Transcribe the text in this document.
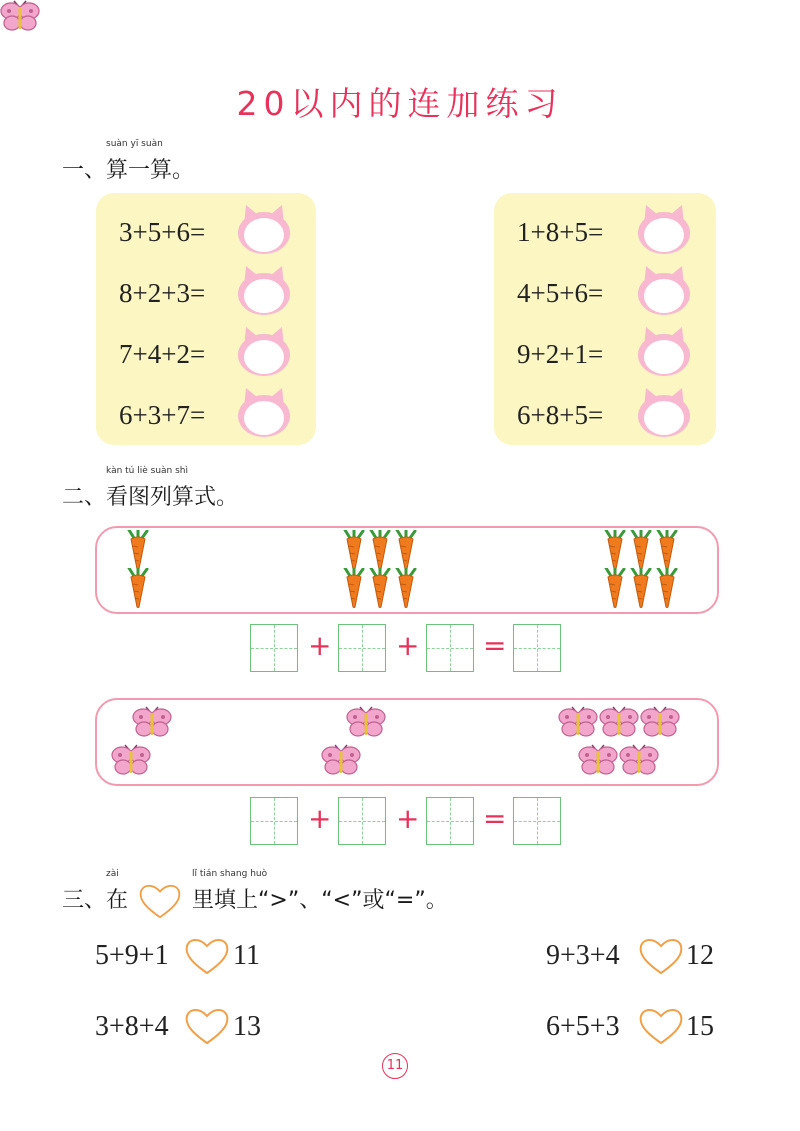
20以内的连加练习
一、
suàn yī suàn
算一算。
3+5+6=
8+2+3=
7+4+2=
6+3+7=
1+8+5=
4+5+6=
9+2+1=
6+8+5=
二、
kàn tú liè suàn shì
看图列算式。
+ + =
+ + =
三、
zài
在
lǐ tián shang huò
里填上“>”、“<”或“=”。
5+9+1 11	9+3+4 12
3+8+4 13	6+5+3 15
11
